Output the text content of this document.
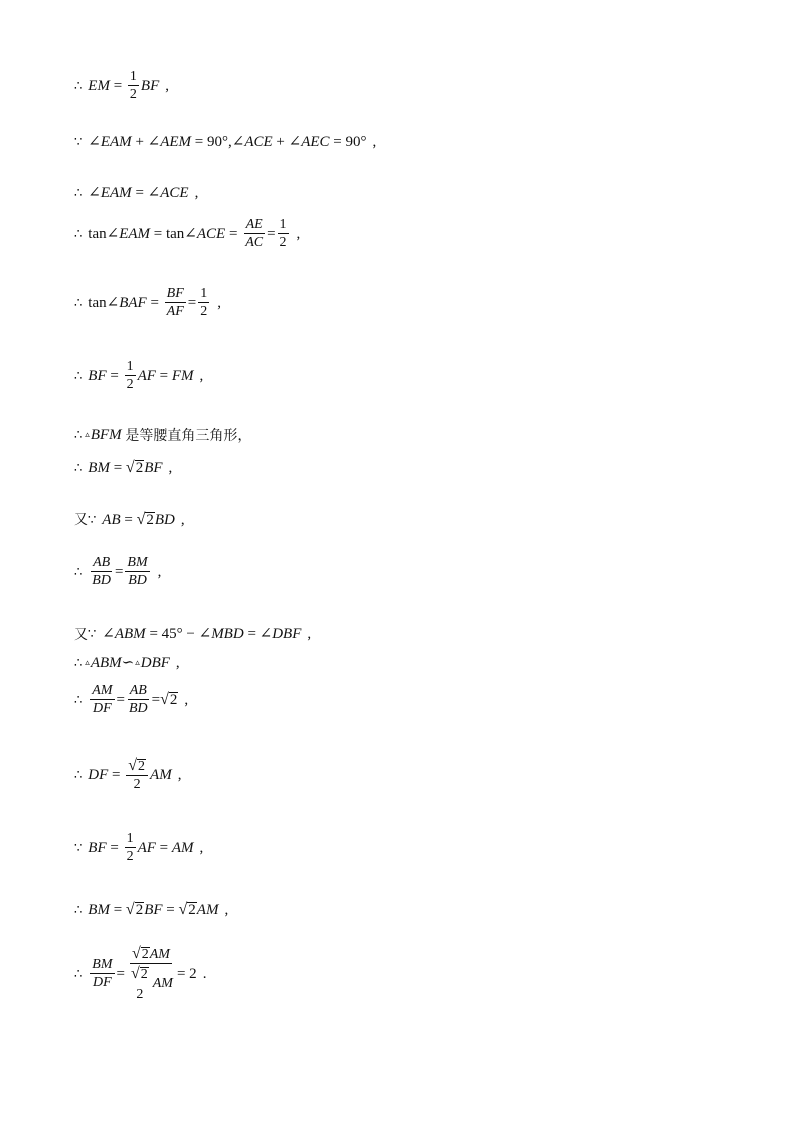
∴ EM = $\frac{1}{2}$ BF ,
∵ ∠ EAM + ∠ AEM = 90°,∠ ACE + ∠ AEC = 90° ,
∴ ∠ EAM = ∠ ACE ,
∴ tan∠ EAM = tan∠ ACE = $\frac{AE}{AC} = \frac{1}{2}$ ,
∴ tan∠ BAF = $\frac{BF}{AF} = \frac{1}{2}$ ,
∴ BF = $\frac{1}{2}$ AF = FM ,
∴ ▵ BFM 是等腰直角三角形，
∴ BM = √ 2 BF ,
又 ∵ AB = √ 2 BD ,
∴ $\frac{AB}{BD} = \frac{BM}{BD}$ ,
又 ∵ ∠ ABM = 45° − ∠ MBD = ∠ DBF ,
∴ ▵ ABM ∽ ▵ DBF ,
∴ $\frac{AM}{DF} = \frac{AB}{BD}$ = √ 2 ,
∴ DF = $\frac{√ 2}{2}$ AM ,
∵ BF = $\frac{1}{2}$ AF = AM ,
∴ BM = √ 2 BF = √ 2 AM ,
∴ $\frac{BM}{DF}$ = √ 2 AM
√ 2
2
AM = 2 .
